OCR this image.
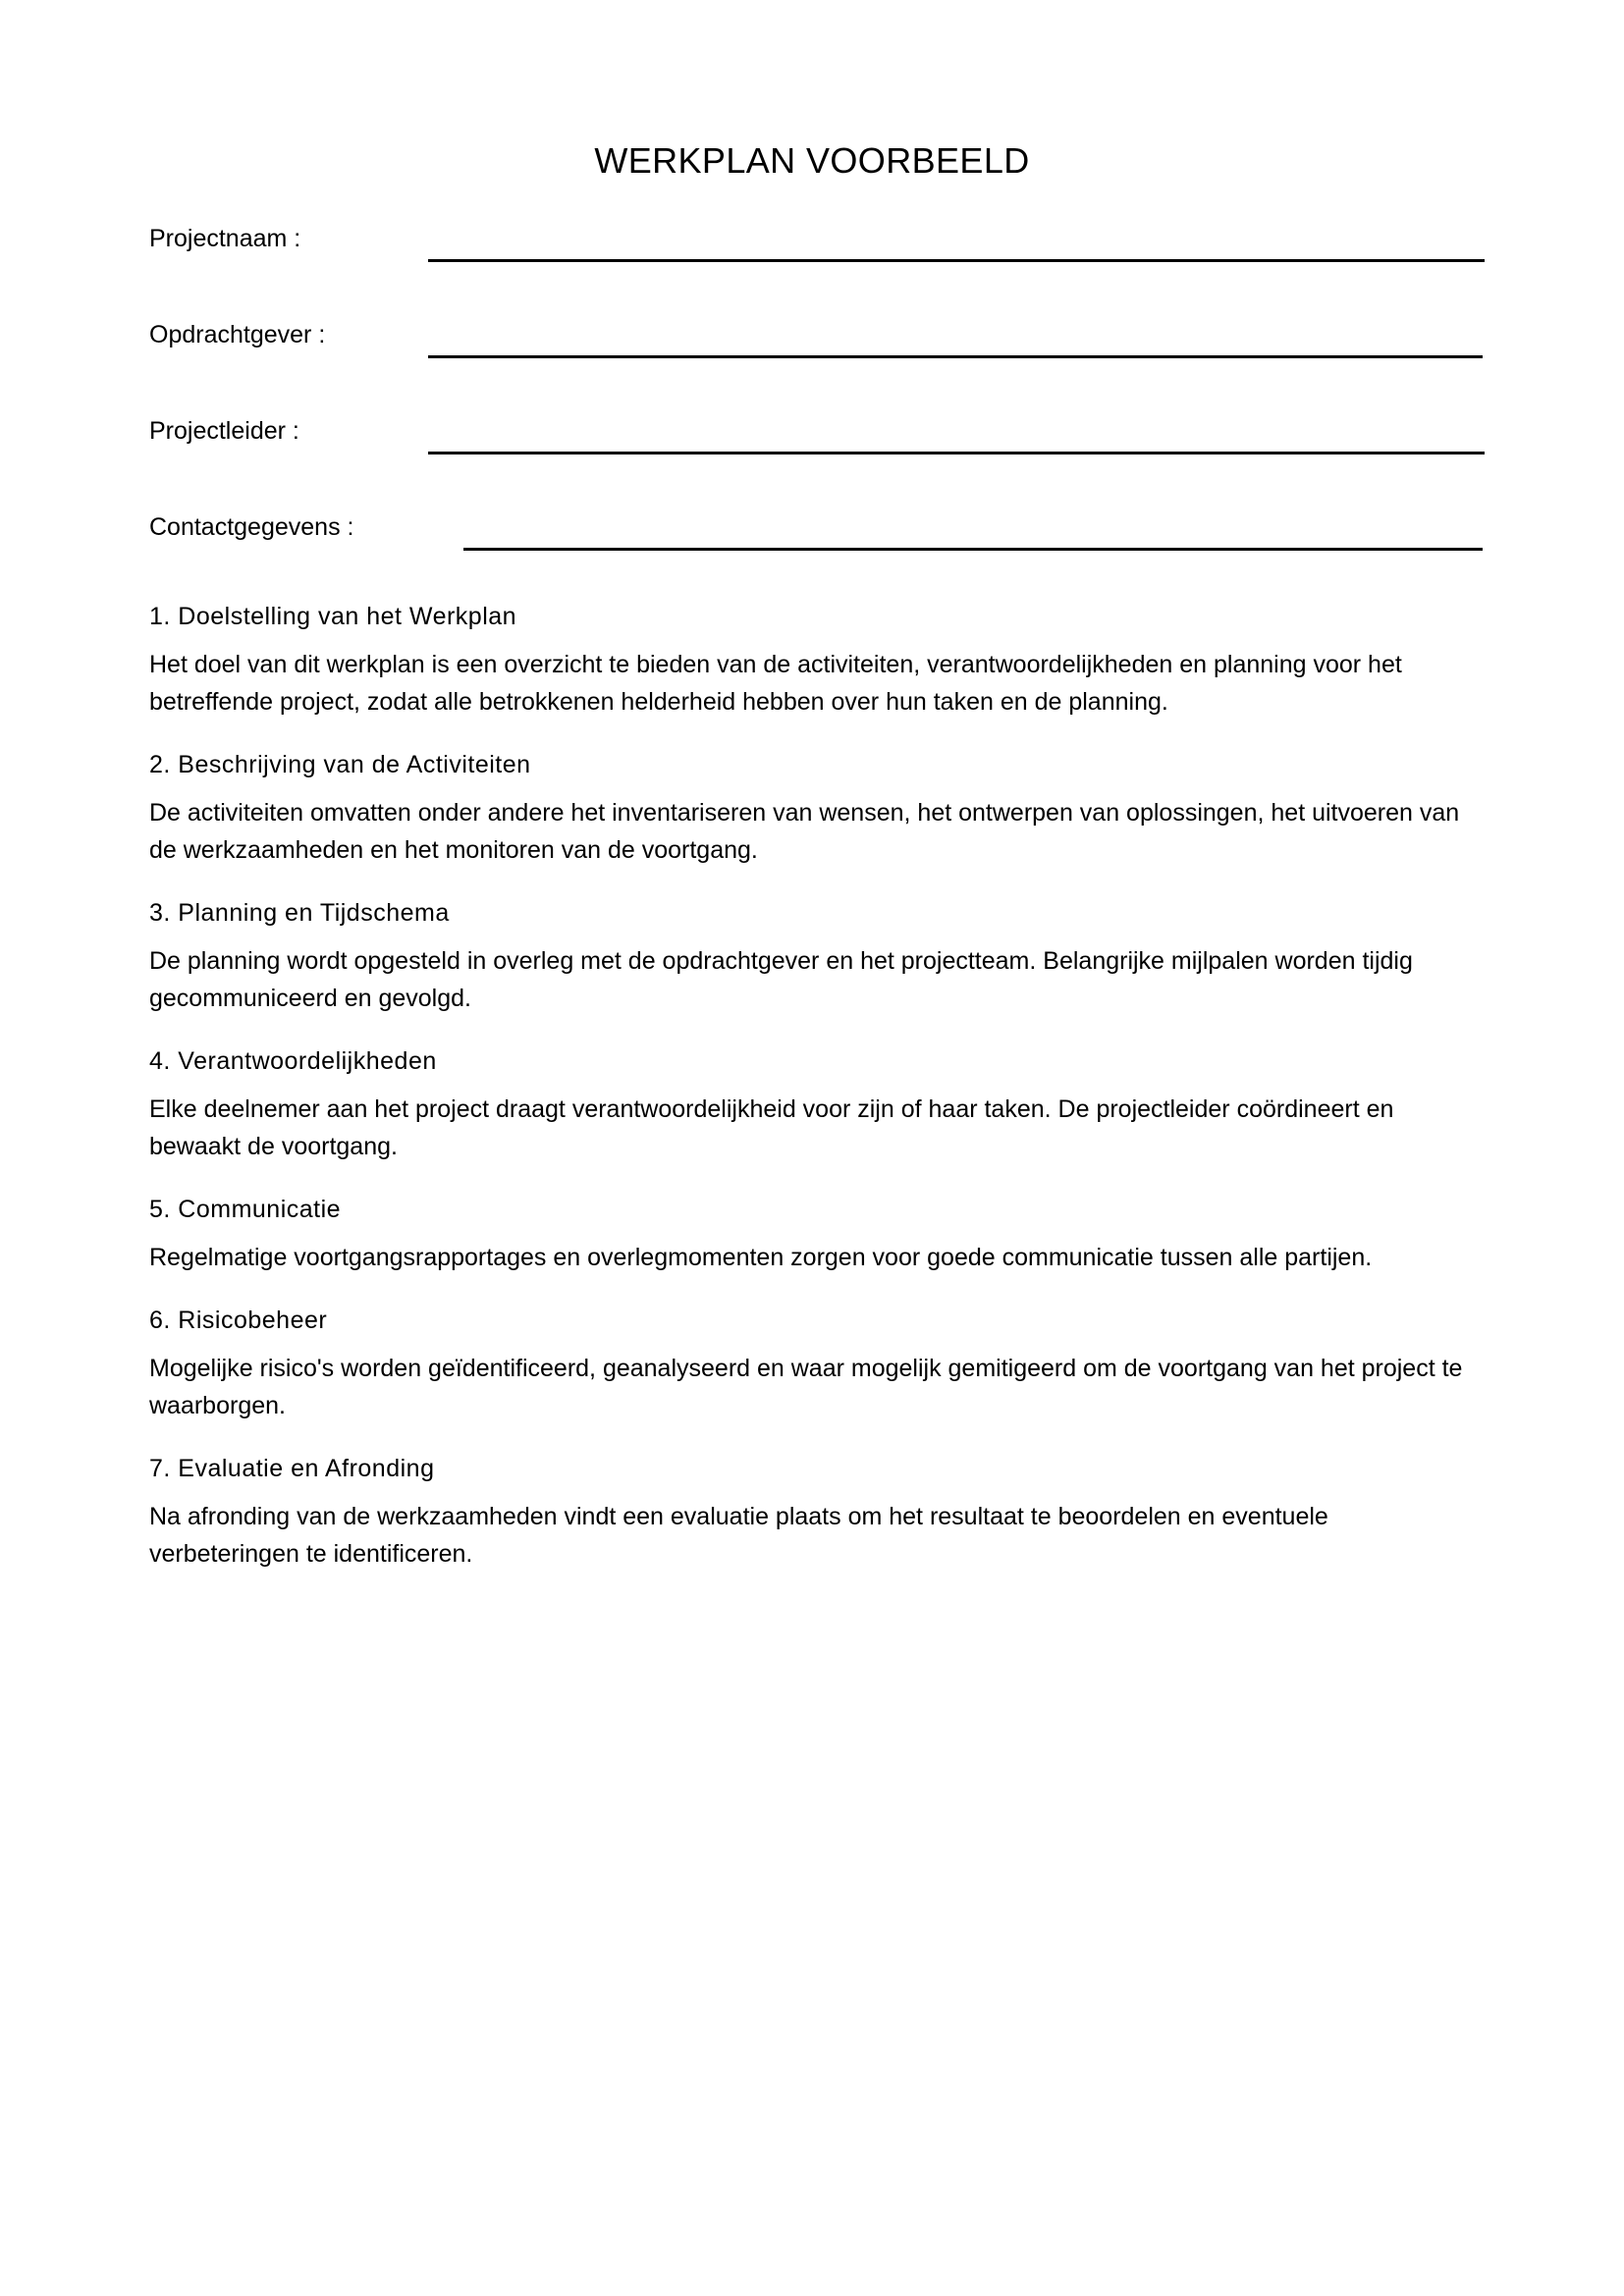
WERKPLAN VOORBEELD
Projectnaam :
Opdrachtgever :
Projectleider :
Contactgegevens :
1. Doelstelling van het Werkplan

Het doel van dit werkplan is een overzicht te bieden van de activiteiten, verantwoordelijkheden en planning voor het betreffende project, zodat alle betrokkenen helderheid hebben over hun taken en de planning.

2. Beschrijving van de Activiteiten

De activiteiten omvatten onder andere het inventariseren van wensen, het ontwerpen van oplossingen, het uitvoeren van de werkzaamheden en het monitoren van de voortgang.

3. Planning en Tijdschema

De planning wordt opgesteld in overleg met de opdrachtgever en het projectteam. Belangrijke mijlpalen worden tijdig gecommuniceerd en gevolgd.

4. Verantwoordelijkheden

Elke deelnemer aan het project draagt verantwoordelijkheid voor zijn of haar taken. De projectleider coördineert en bewaakt de voortgang.

5. Communicatie

Regelmatige voortgangsrapportages en overlegmomenten zorgen voor goede communicatie tussen alle partijen.

6. Risicobeheer

Mogelijke risico's worden geïdentificeerd, geanalyseerd en waar mogelijk gemitigeerd om de voortgang van het project te waarborgen.

7. Evaluatie en Afronding

Na afronding van de werkzaamheden vindt een evaluatie plaats om het resultaat te beoordelen en eventuele verbeteringen te identificeren.
